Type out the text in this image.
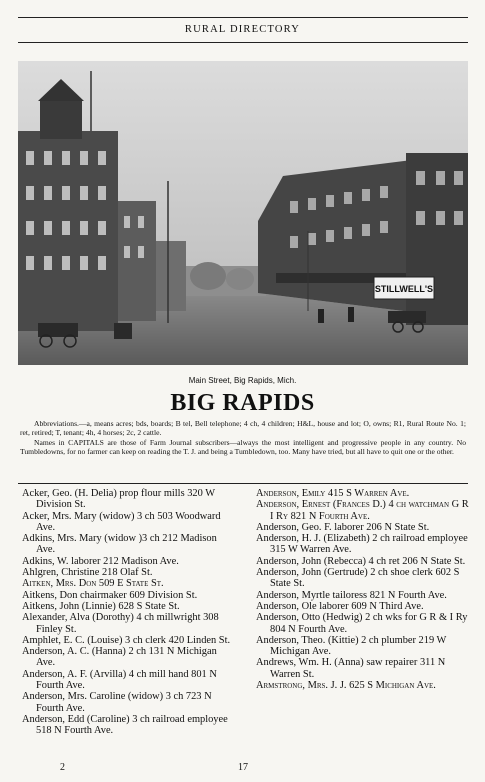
RURAL DIRECTORY
STILLWELL'S
Main Street, Big Rapids, Mich.
BIG RAPIDS

Abbreviations.—a, means acres; bds, boards; B tel, Bell telephone; 4 ch, 4 children; H&L, house and lot; O, owns; R1, Rural Route No. 1; ret, retired; T, tenant; 4h, 4 horses; 2c, 2 cattle.

Names in CAPITALS are those of Farm Journal subscribers—always the most intelligent and progressive people in any country. No Tumbledowns, for no farmer can keep on reading the T. J. and being a Tumbledown, too. Many have tried, but all have to quit one or the other.

Acker, Geo. (H. Delia) prop flour mills 320 W Division St.
Acker, Mrs. Mary (widow) 3 ch 503 Woodward Ave.
Adkins, Mrs. Mary (widow )3 ch 212 Madison Ave.
Adkins, W. laborer 212 Madison Ave.
Ahlgren, Christine 218 Olaf St.
Aitken, Mrs. Don 509 E State St.
Aitkens, Don chairmaker 609 Division St.
Aitkens, John (Linnie) 628 S State St.
Alexander, Alva (Dorothy) 4 ch millwright 308 Finley St.
Amphlet, E. C. (Louise) 3 ch clerk 420 Linden St.
Anderson, A. C. (Hanna) 2 ch 131 N Michigan Ave.
Anderson, A. F. (Arvilla) 4 ch mill hand 801 N Fourth Ave.
Anderson, Mrs. Caroline (widow) 3 ch 723 N Fourth Ave.
Anderson, Edd (Caroline) 3 ch railroad employee 518 N Fourth Ave.
Anderson, Emily 415 S Warren Ave.
Anderson, Ernest (Frances D.) 4 ch watchman G R I Ry 821 N Fourth Ave.
Anderson, Geo. F. laborer 206 N State St.
Anderson, H. J. (Elizabeth) 2 ch railroad employee 315 W Warren Ave.
Anderson, John (Rebecca) 4 ch ret 206 N State St.
Anderson, John (Gertrude) 2 ch shoe clerk 602 S State St.
Anderson, Myrtle tailoress 821 N Fourth Ave.
Anderson, Ole laborer 609 N Third Ave.
Anderson, Otto (Hedwig) 2 ch wks for G R & I Ry 804 N Fourth Ave.
Anderson, Theo. (Kittie) 2 ch plumber 219 W Michigan Ave.
Andrews, Wm. H. (Anna) saw repairer 311 N Warren St.
Armstrong, Mrs. J. J. 625 S Michigan Ave.
2	17
